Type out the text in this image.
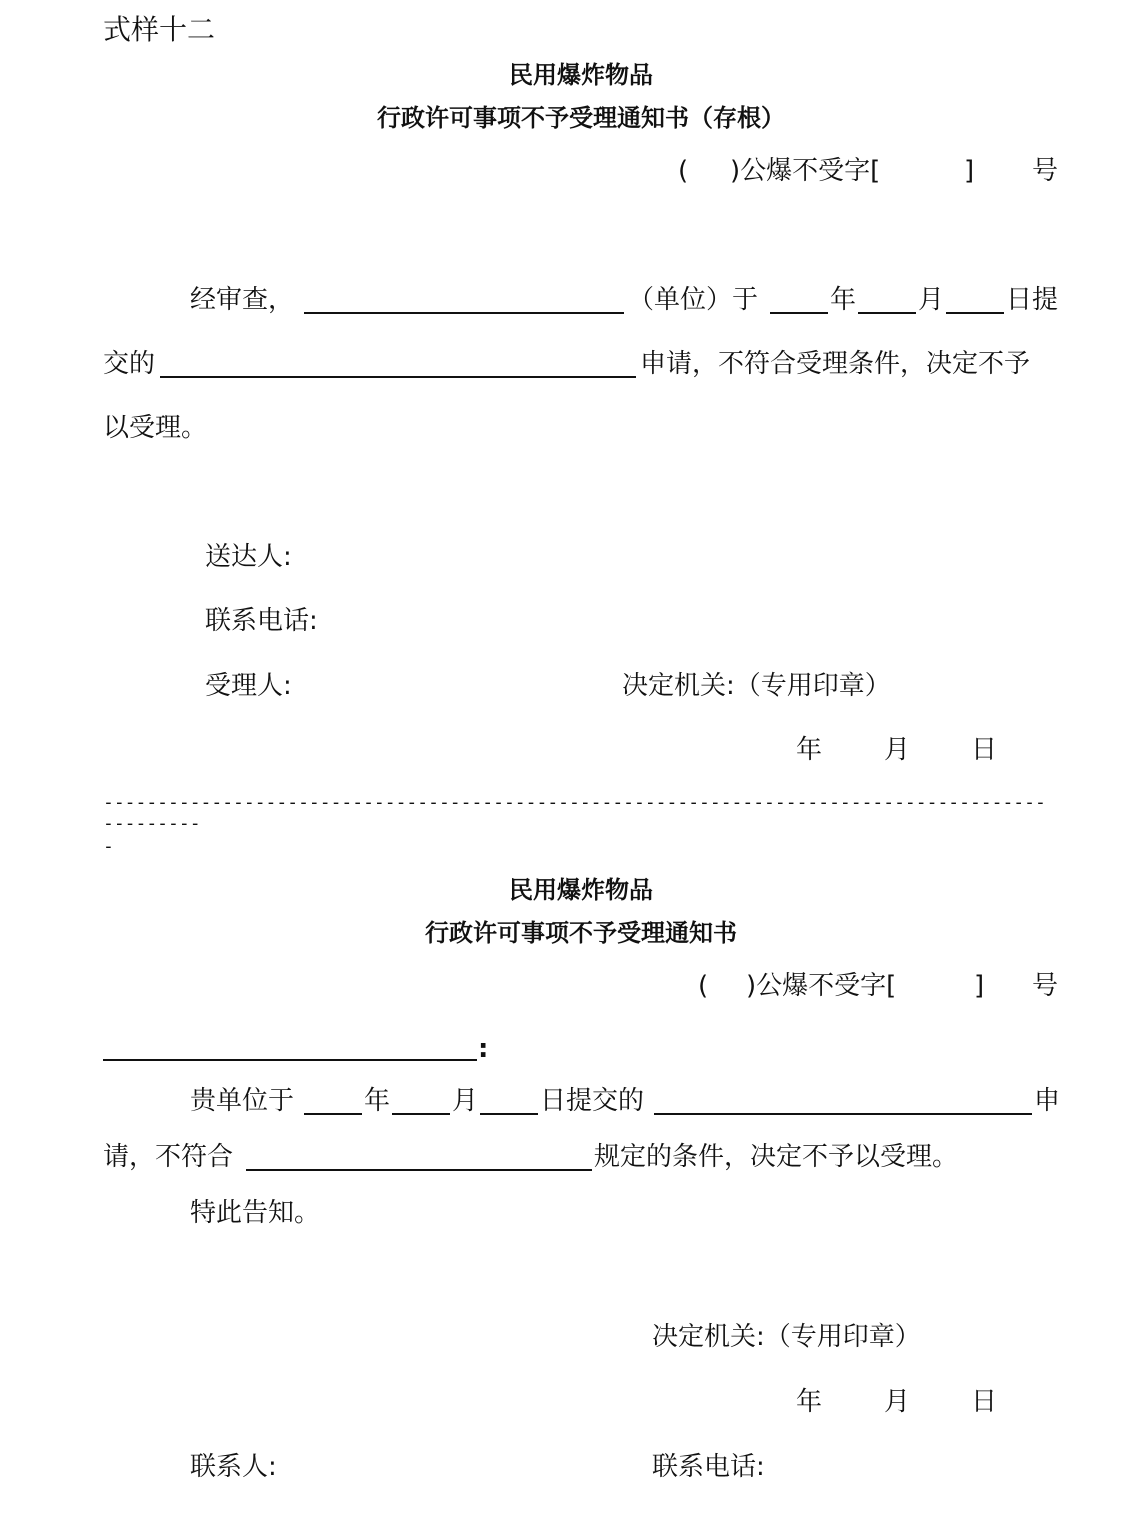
式样十二
民用爆炸物品
行政许可事项不予受理通知书（存根）
( )公爆不受字[	] 号
经审查，	（单位）于	年 月 日提
交的	申请，不符合受理条件，决定不予
以受理。
送达人:
联系电话:
受理人:	决定机关:（专用印章）
年 月 日
------------------------------------------------------------------------------------------------
-
民用爆炸物品
行政许可事项不予受理通知书
( )公爆不受字[	] 号
:
贵单位于	年 月 日提交的	申
请，不符合	规定的条件，决定不予以受理。
特此告知。
决定机关:（专用印章）
年 月 日
联系人:	联系电话:
